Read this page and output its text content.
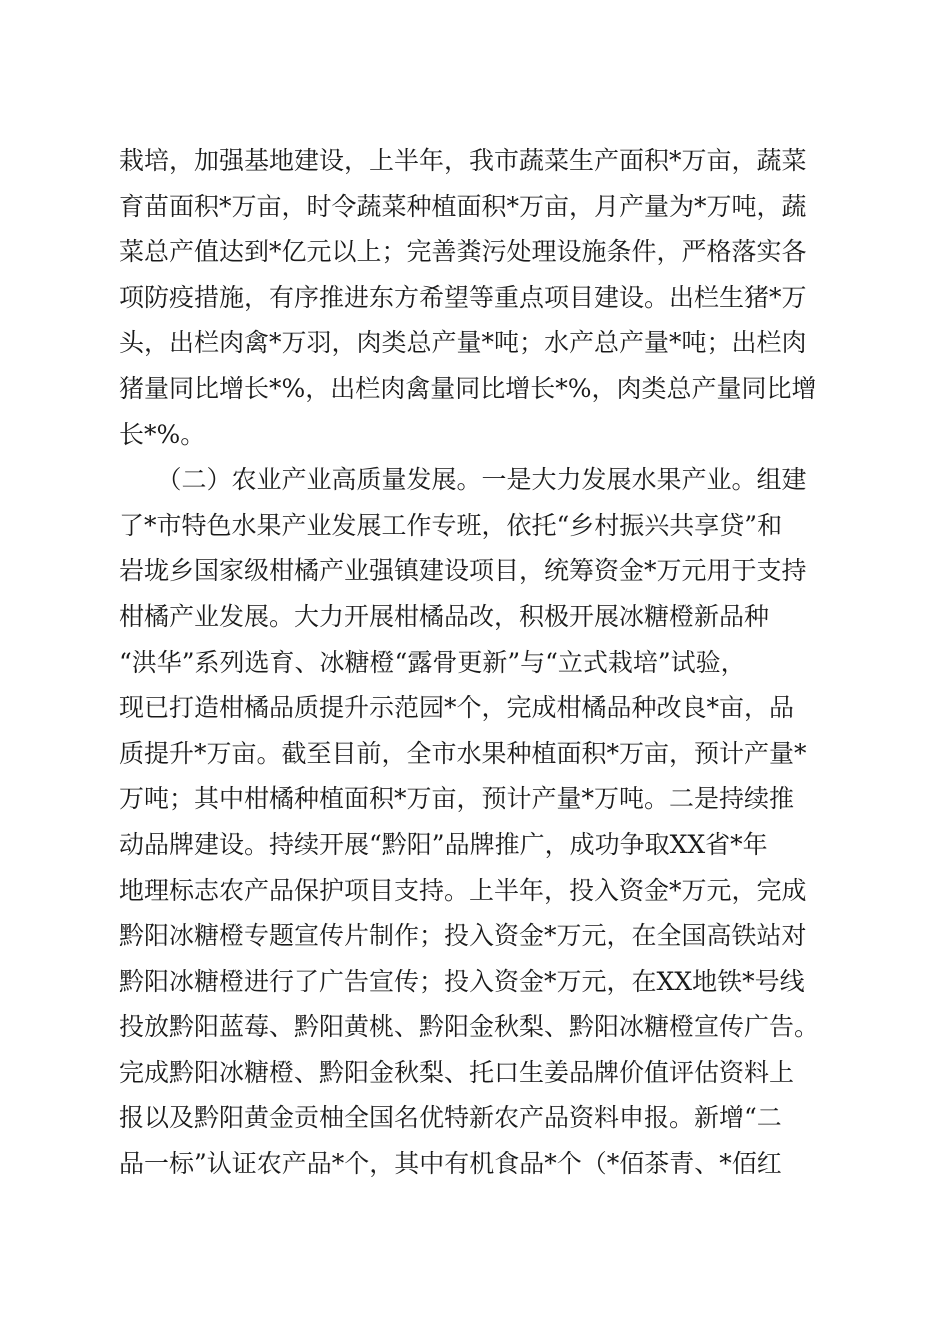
栽培，加强基地建设，上半年，我市蔬菜生产面积*万亩，蔬菜
育苗面积*万亩，时令蔬菜种植面积*万亩，月产量为*万吨，蔬
菜总产值达到*亿元以上；完善粪污处理设施条件，严格落实各
项防疫措施，有序推进东方希望等重点项目建设。出栏生猪*万
头，出栏肉禽*万羽，肉类总产量*吨；水产总产量*吨；出栏肉
猪量同比增长*%，出栏肉禽量同比增长*%，肉类总产量同比增
长*%。
　　（二）农业产业高质量发展。一是大力发展水果产业。组建
了*市特色水果产业发展工作专班，依托“乡村振兴共享贷”和
岩垅乡国家级柑橘产业强镇建设项目，统筹资金*万元用于支持
柑橘产业发展。大力开展柑橘品改，积极开展冰糖橙新品种
“洪华”系列选育、冰糖橙“露骨更新”与“立式栽培”试验，
现已打造柑橘品质提升示范园*个，完成柑橘品种改良*亩，品
质提升*万亩。截至目前，全市水果种植面积*万亩，预计产量*
万吨；其中柑橘种植面积*万亩，预计产量*万吨。二是持续推
动品牌建设。持续开展“黔阳”品牌推广，成功争取XX省*年
地理标志农产品保护项目支持。上半年，投入资金*万元，完成
黔阳冰糖橙专题宣传片制作；投入资金*万元，在全国高铁站对
黔阳冰糖橙进行了广告宣传；投入资金*万元，在XX地铁*号线
投放黔阳蓝莓、黔阳黄桃、黔阳金秋梨、黔阳冰糖橙宣传广告。
完成黔阳冰糖橙、黔阳金秋梨、托口生姜品牌价值评估资料上
报以及黔阳黄金贡柚全国名优特新农产品资料申报。新增“二
品一标”认证农产品*个，其中有机食品*个（*佰茶青、*佰红
